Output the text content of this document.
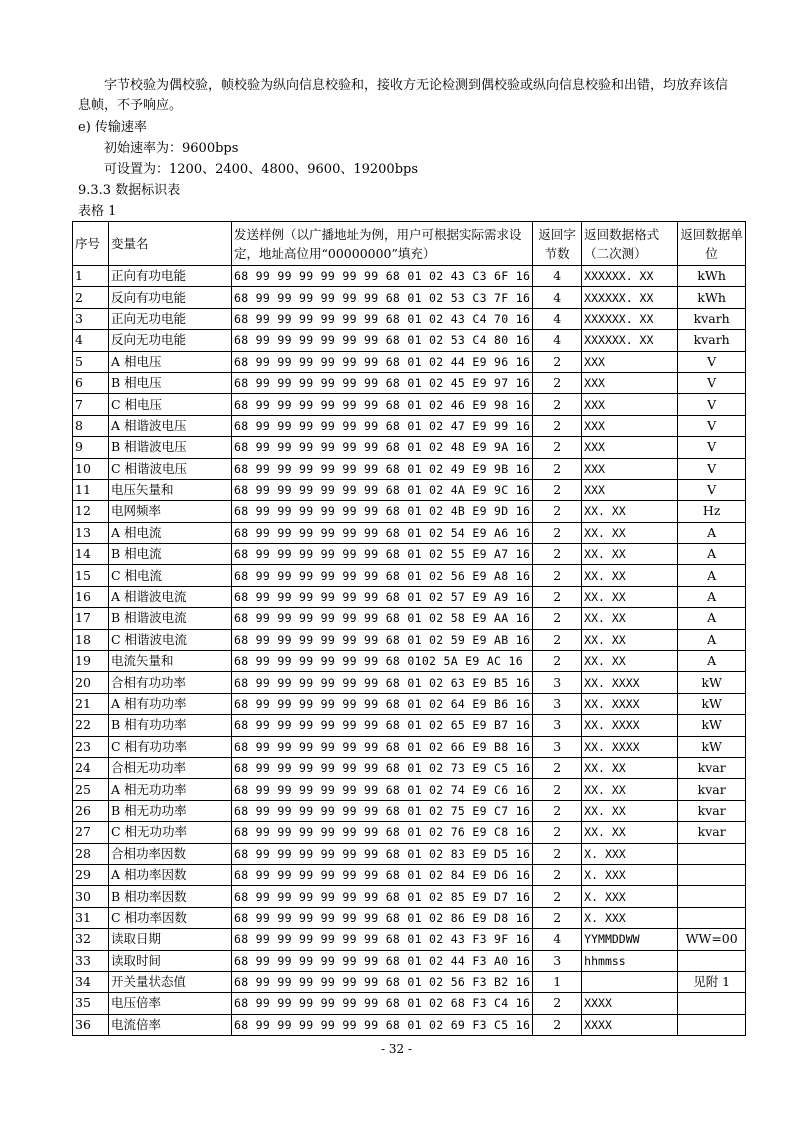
字节校验为偶校验，帧校验为纵向信息校验和，接收方无论检测到偶校验或纵向信息校验和出错，均放弃该信息帧，不予响应。
e) 传输速率
初始速率为：9600bps
可设置为：1200、2400、4800、9600、19200bps
9.3.3 数据标识表
表格 1
序号	变量名	发送样例（以广播地址为例，用户可根据实际需求设定，地址高位用“00000000”填充）	返回字节数	返回数据格式（二次测）	返回数据单位
1	正向有功电能	68 99 99 99 99 99 99 68 01 02 43 C3 6F 16	4	XXXXXX. XX	kWh
2	反向有功电能	68 99 99 99 99 99 99 68 01 02 53 C3 7F 16	4	XXXXXX. XX	kWh
3	正向无功电能	68 99 99 99 99 99 99 68 01 02 43 C4 70 16	4	XXXXXX. XX	kvarh
4	反向无功电能	68 99 99 99 99 99 99 68 01 02 53 C4 80 16	4	XXXXXX. XX	kvarh
5	A 相电压	68 99 99 99 99 99 99 68 01 02 44 E9 96 16	2	XXX	V
6	B 相电压	68 99 99 99 99 99 99 68 01 02 45 E9 97 16	2	XXX	V
7	C 相电压	68 99 99 99 99 99 99 68 01 02 46 E9 98 16	2	XXX	V
8	A 相谐波电压	68 99 99 99 99 99 99 68 01 02 47 E9 99 16	2	XXX	V
9	B 相谐波电压	68 99 99 99 99 99 99 68 01 02 48 E9 9A 16	2	XXX	V
10	C 相谐波电压	68 99 99 99 99 99 99 68 01 02 49 E9 9B 16	2	XXX	V
11	电压矢量和	68 99 99 99 99 99 99 68 01 02 4A E9 9C 16	2	XXX	V
12	电网频率	68 99 99 99 99 99 99 68 01 02 4B E9 9D 16	2	XX. XX	Hz
13	A 相电流	68 99 99 99 99 99 99 68 01 02 54 E9 A6 16	2	XX. XX	A
14	B 相电流	68 99 99 99 99 99 99 68 01 02 55 E9 A7 16	2	XX. XX	A
15	C 相电流	68 99 99 99 99 99 99 68 01 02 56 E9 A8 16	2	XX. XX	A
16	A 相谐波电流	68 99 99 99 99 99 99 68 01 02 57 E9 A9 16	2	XX. XX	A
17	B 相谐波电流	68 99 99 99 99 99 99 68 01 02 58 E9 AA 16	2	XX. XX	A
18	C 相谐波电流	68 99 99 99 99 99 99 68 01 02 59 E9 AB 16	2	XX. XX	A
19	电流矢量和	68 99 99 99 99 99 99 68 0102 5A E9 AC 16	2	XX. XX	A
20	合相有功功率	68 99 99 99 99 99 99 68 01 02 63 E9 B5 16	3	XX. XXXX	kW
21	A 相有功功率	68 99 99 99 99 99 99 68 01 02 64 E9 B6 16	3	XX. XXXX	kW
22	B 相有功功率	68 99 99 99 99 99 99 68 01 02 65 E9 B7 16	3	XX. XXXX	kW
23	C 相有功功率	68 99 99 99 99 99 99 68 01 02 66 E9 B8 16	3	XX. XXXX	kW
24	合相无功功率	68 99 99 99 99 99 99 68 01 02 73 E9 C5 16	2	XX. XX	kvar
25	A 相无功功率	68 99 99 99 99 99 99 68 01 02 74 E9 C6 16	2	XX. XX	kvar
26	B 相无功功率	68 99 99 99 99 99 99 68 01 02 75 E9 C7 16	2	XX. XX	kvar
27	C 相无功功率	68 99 99 99 99 99 99 68 01 02 76 E9 C8 16	2	XX. XX	kvar
28	合相功率因数	68 99 99 99 99 99 99 68 01 02 83 E9 D5 16	2	X. XXX	
29	A 相功率因数	68 99 99 99 99 99 99 68 01 02 84 E9 D6 16	2	X. XXX	
30	B 相功率因数	68 99 99 99 99 99 99 68 01 02 85 E9 D7 16	2	X. XXX	
31	C 相功率因数	68 99 99 99 99 99 99 68 01 02 86 E9 D8 16	2	X. XXX	
32	读取日期	68 99 99 99 99 99 99 68 01 02 43 F3 9F 16	4	YYMMDDWW	WW=00
33	读取时间	68 99 99 99 99 99 99 68 01 02 44 F3 A0 16	3	hhmmss	
34	开关量状态值	68 99 99 99 99 99 99 68 01 02 56 F3 B2 16	1		见附 1
35	电压倍率	68 99 99 99 99 99 99 68 01 02 68 F3 C4 16	2	XXXX	
36	电流倍率	68 99 99 99 99 99 99 68 01 02 69 F3 C5 16	2	XXXX	
- 32 -
